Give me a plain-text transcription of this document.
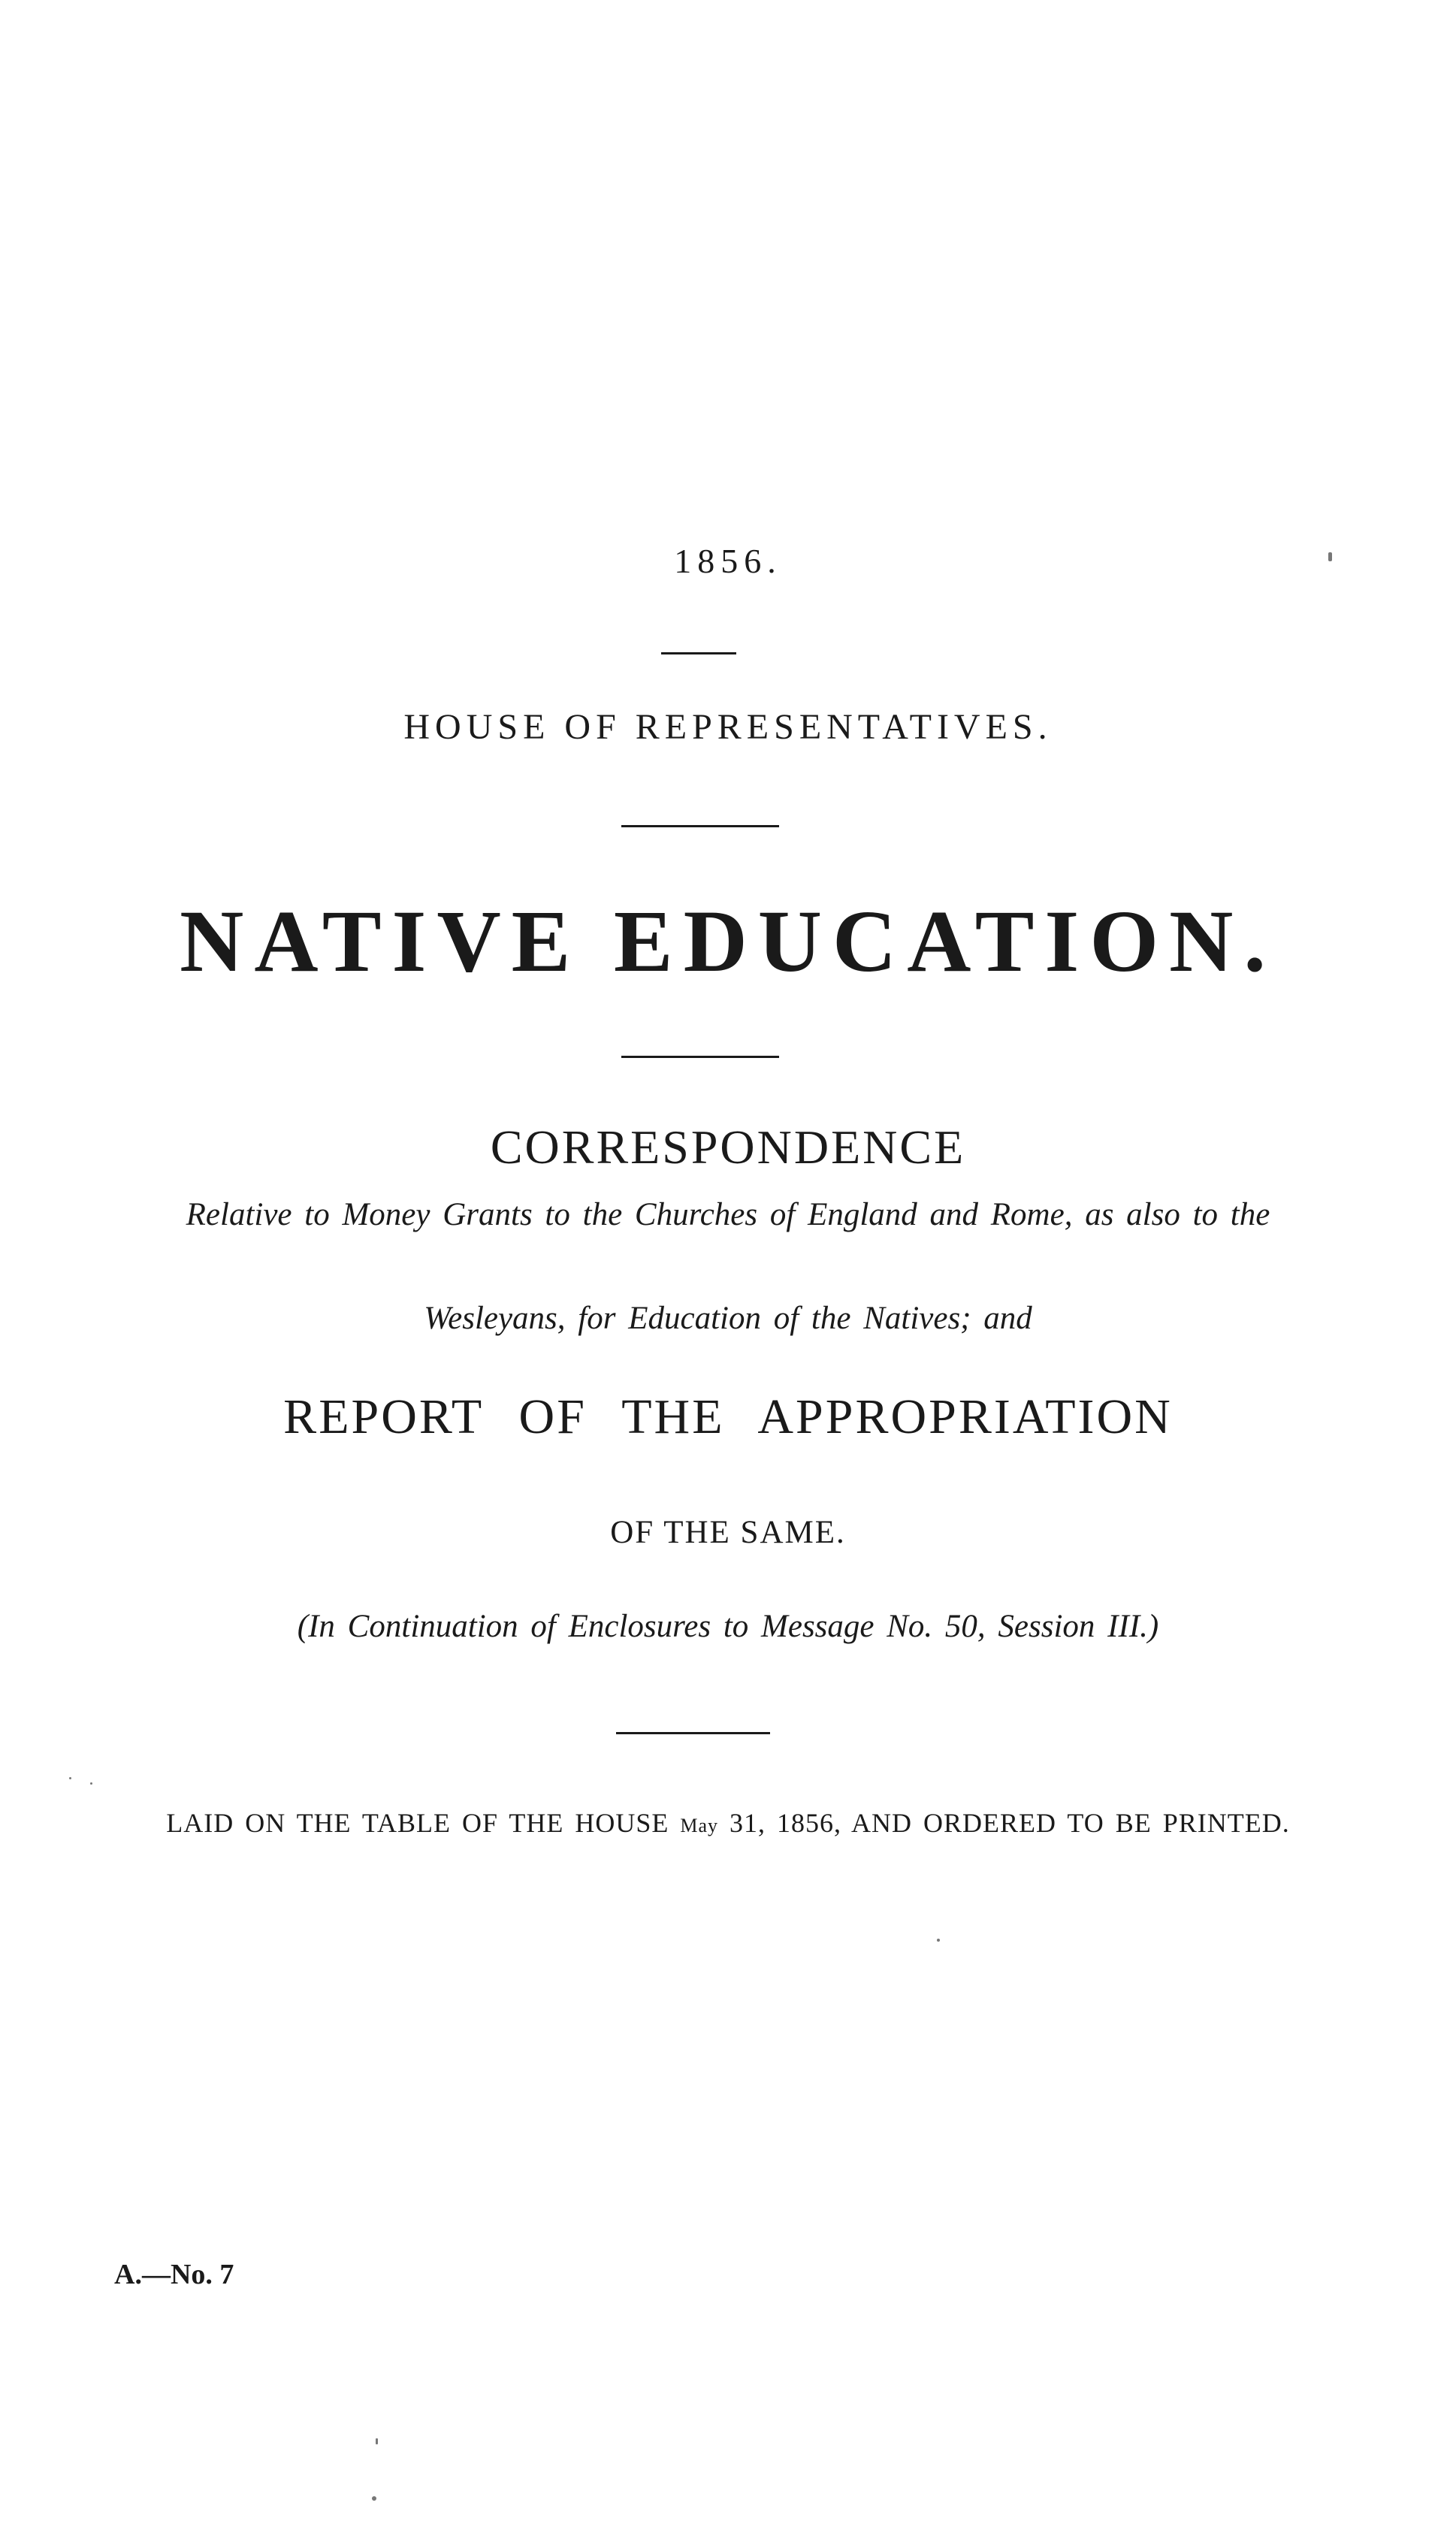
1856.
HOUSE OF REPRESENTATIVES.
NATIVE EDUCATION.
CORRESPONDENCE
Relative to Money Grants to the Churches of England and Rome, as also to the
Wesleyans, for Education of the Natives; and
REPORT OF THE APPROPRIATION
OF THE SAME.
(In Continuation of Enclosures to Message No. 50, Session III.)
LAID ON THE TABLE OF THE HOUSE May 31, 1856, AND ORDERED TO BE PRINTED.
A.—No. 7
